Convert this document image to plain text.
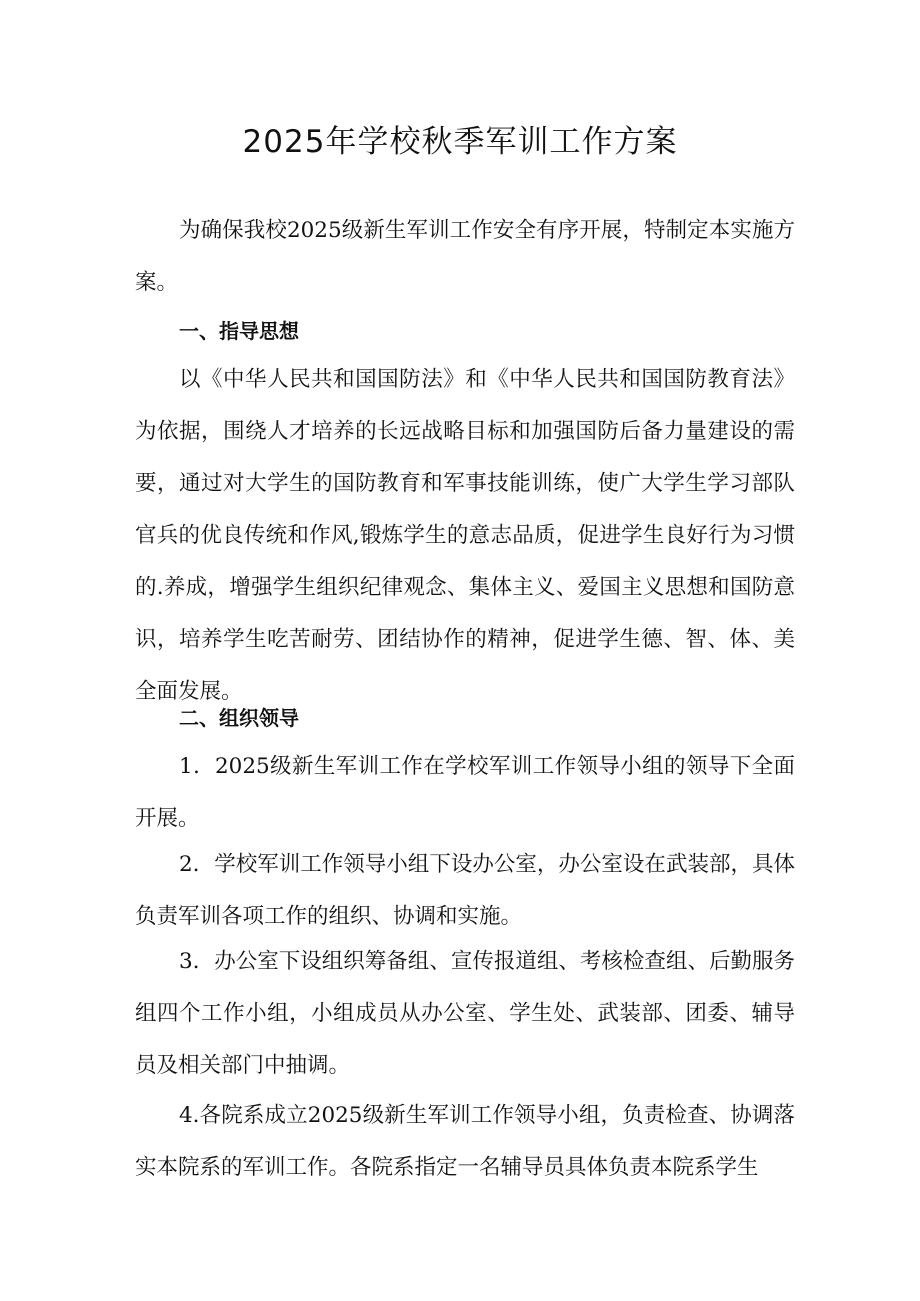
2025年学校秋季军训工作方案

为确保我校2025级新生军训工作安全有序开展，特制定本实施方案。

一、指导思想

以《中华人民共和国国防法》和《中华人民共和国国防教育法》为依据，围绕人才培养的长远战略目标和加强国防后备力量建设的需要，通过对大学生的国防教育和军事技能训练，使广大学生学习部队官兵的优良传统和作风,锻炼学生的意志品质，促进学生良好行为习惯的.养成，增强学生组织纪律观念、集体主义、爱国主义思想和国防意识，培养学生吃苦耐劳、团结协作的精神，促进学生德、智、体、美全面发展。

二、组织领导

1．2025级新生军训工作在学校军训工作领导小组的领导下全面开展。

2．学校军训工作领导小组下设办公室，办公室设在武装部，具体负责军训各项工作的组织、协调和实施。

3．办公室下设组织筹备组、宣传报道组、考核检查组、后勤服务组四个工作小组，小组成员从办公室、学生处、武装部、团委、辅导员及相关部门中抽调。

4.各院系成立2025级新生军训工作领导小组，负责检查、协调落实本院系的军训工作。各院系指定一名辅导员具体负责本院系学生
